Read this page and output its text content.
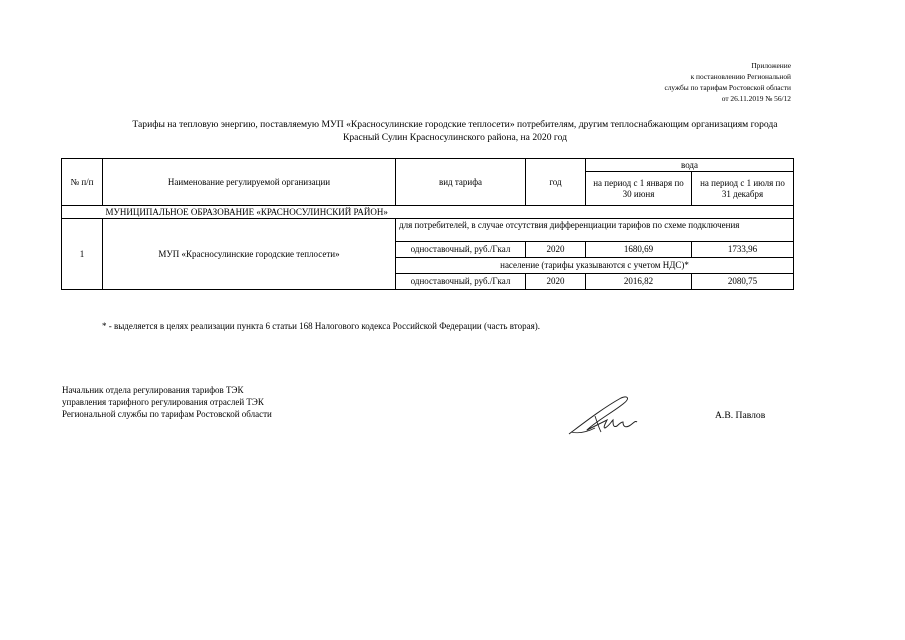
Приложение
к постановлению Региональной
службы по тарифам Ростовской области
от 26.11.2019 № 56/12
Тарифы на тепловую энергию, поставляемую МУП «Красносулинские городские теплосети» потребителям, другим теплоснабжающим организациям города
Красный Сулин Красносулинского района, на 2020 год
№ п/п	Наименование регулируемой организации	вид тарифа	год	вода	
				на период с 1 января по 30 июня	на период с 1 июля по 31 декабря
	МУНИЦИПАЛЬНОЕ ОБРАЗОВАНИЕ «КРАСНОСУЛИНСКИЙ РАЙОН»				
1	МУП «Красносулинские городские теплосети»	для потребителей, в случае отсутствия дифференциации тарифов по схеме подключения			
		одноставочный, руб./Гкал	2020	1680,69	1733,96
		население (тарифы указываются с учетом НДС)*			
		одноставочный, руб./Гкал	2020	2016,82	2080,75
* - выделяется в целях реализации пункта 6 статьи 168 Налогового кодекса Российской Федерации (часть вторая).
Начальник отдела регулирования тарифов ТЭК
управления тарифного регулирования отраслей ТЭК
Региональной службы по тарифам Ростовской области	А.В. Павлов
